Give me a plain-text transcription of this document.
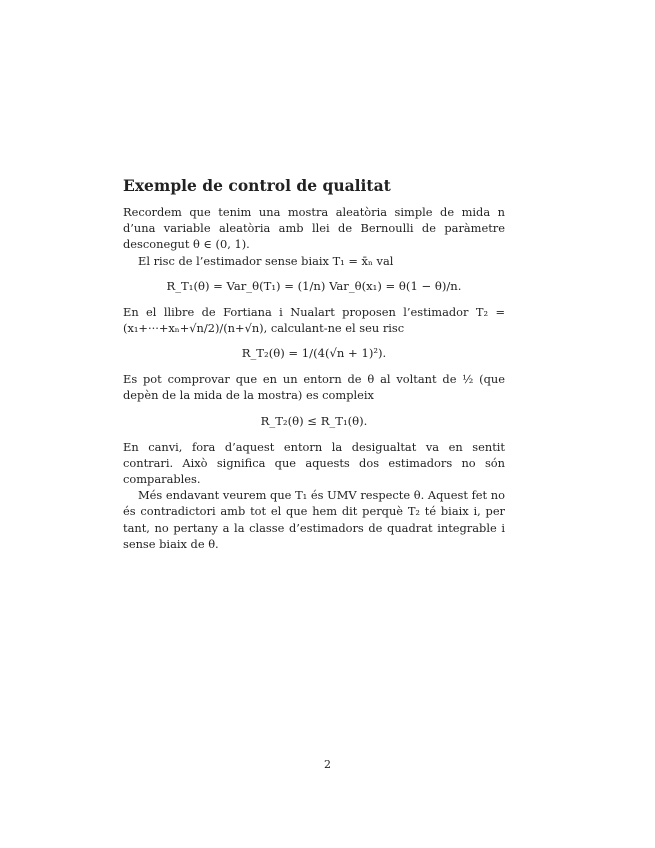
Exemple de control de qualitat

Recordem que tenim una mostra aleatòria simple de mida n d’una variable aleatòria amb llei de Bernoulli de paràmetre desconegut θ ∈ (0, 1).

El risc de l’estimador sense biaix T₁ = x̄ₙ val

R_T₁(θ) = Var_θ(T₁) = (1/n) Var_θ(x₁) = θ(1 − θ)/n.

En el llibre de Fortiana i Nualart proposen l’estimador T₂ = (x₁+···+xₙ+√n/2)/(n+√n), calculant-ne el seu risc

R_T₂(θ) = 1/(4(√n + 1)²).

Es pot comprovar que en un entorn de θ al voltant de ½ (que depèn de la mida de la mostra) es compleix

R_T₂(θ) ≤ R_T₁(θ).

En canvi, fora d’aquest entorn la desigualtat va en sentit contrari. Això significa que aquests dos estimadors no són comparables.

Més endavant veurem que T₁ és UMV respecte θ. Aquest fet no és contradictori amb tot el que hem dit perquè T₂ té biaix i, per tant, no pertany a la classe d’estimadors de quadrat integrable i sense biaix de θ.

2
